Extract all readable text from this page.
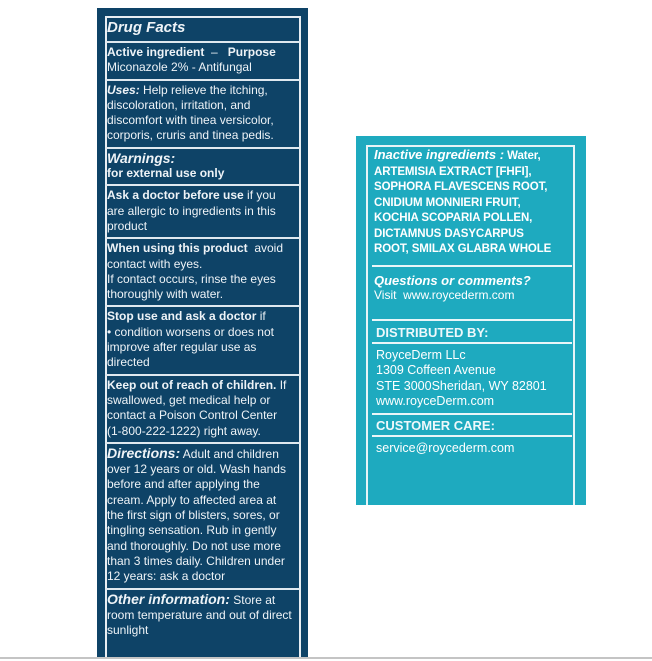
Drug Facts
Active ingredient – Purpose
Miconazole 2% - Antifungal
Uses: Help relieve the itching,
discoloration, irritation, and
discomfort with tinea versicolor,
corporis, cruris and tinea pedis.
Warnings:
for external use only
Ask a doctor before use if you
are allergic to ingredients in this
product
When using this product  avoid
contact with eyes.
If contact occurs, rinse the eyes
thoroughly with water.
Stop use and ask a doctor if
• condition worsens or does not
improve after regular use as
directed
Keep out of reach of children. If
swallowed, get medical help or
contact a Poison Control Center
(1-800-222-1222) right away.
Directions: Adult and children
over 12 years or old. Wash hands
before and after applying the
cream. Apply to affected area at
the first sign of blisters, sores, or
tingling sensation. Rub in gently
and thoroughly. Do not use more
than 3 times daily. Children under
12 years: ask a doctor
Other information: Store at
room temperature and out of direct
sunlight
Inactive ingredients : Water,
ARTEMISIA EXTRACT [FHFI],
SOPHORA FLAVESCENS ROOT,
CNIDIUM MONNIERI FRUIT,
KOCHIA SCOPARIA POLLEN,
DICTAMNUS DASYCARPUS
ROOT, SMILAX GLABRA WHOLE
Questions or comments?
Visit  www.roycederm.com
DISTRIBUTED BY:
RoyceDerm LLc
1309 Coffeen Avenue
STE 3000Sheridan, WY 82801
www.royceDerm.com
CUSTOMER CARE:
service@roycederm.com
